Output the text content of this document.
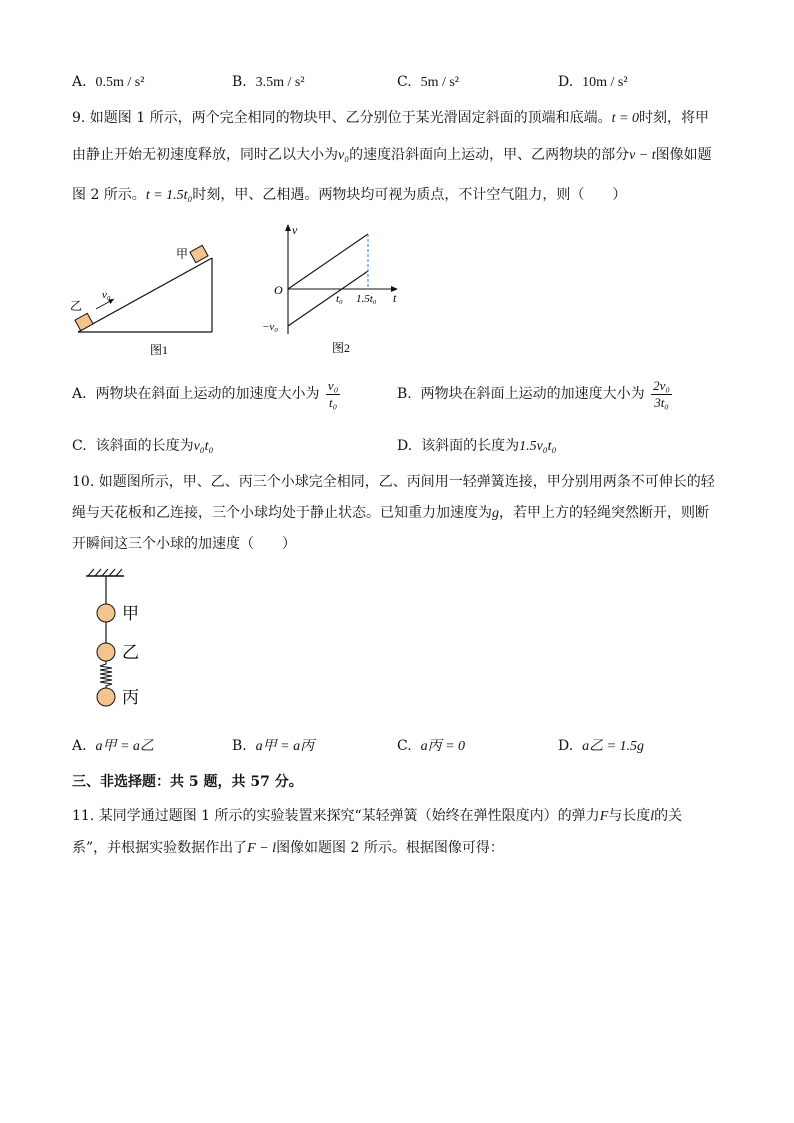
A. 0.5m / s²	B. 3.5m / s²	C. 5m / s²	D. 10m / s²
9. 如题图 1 所示，两个完全相同的物块甲、乙分别位于某光滑固定斜面的顶端和底端。t = 0时刻，将甲
由静止开始无初速度释放，同时乙以大小为v₀的速度沿斜面向上运动，甲、乙两物块的部分v − t图像如题
图 2 所示。t = 1.5t₀时刻，甲、乙相遇。两物块均可视为质点，不计空气阻力，则（　　）
甲
乙
v₀
图1
v
O
t
t₀ 1.5t₀
−v₀
图2
A. 两物块在斜面上运动的加速度大小为 $\frac{\text{v₀}}{\text{t₀}}$	B. 两物块在斜面上运动的加速度大小为 $\frac{\text{2v₀}}{\text{3t₀}}$
C. 该斜面的长度为v₀t₀	D. 该斜面的长度为1.5v₀t₀
10. 如题图所示，甲、乙、丙三个小球完全相同，乙、丙间用一轻弹簧连接，甲分别用两条不可伸长的轻
绳与天花板和乙连接，三个小球均处于静止状态。已知重力加速度为g，若甲上方的轻绳突然断开，则断
开瞬间这三个小球的加速度（　　）
甲
乙
丙
A. a甲 = a乙	B. a甲 = a丙	C. a丙 = 0	D. a乙 = 1.5g
三、非选择题：共 5 题，共 57 分。
11. 某同学通过题图 1 所示的实验装置来探究“某轻弹簧（始终在弹性限度内）的弹力F与长度l的关
系”，并根据实验数据作出了F − l图像如题图 2 所示。根据图像可得：
